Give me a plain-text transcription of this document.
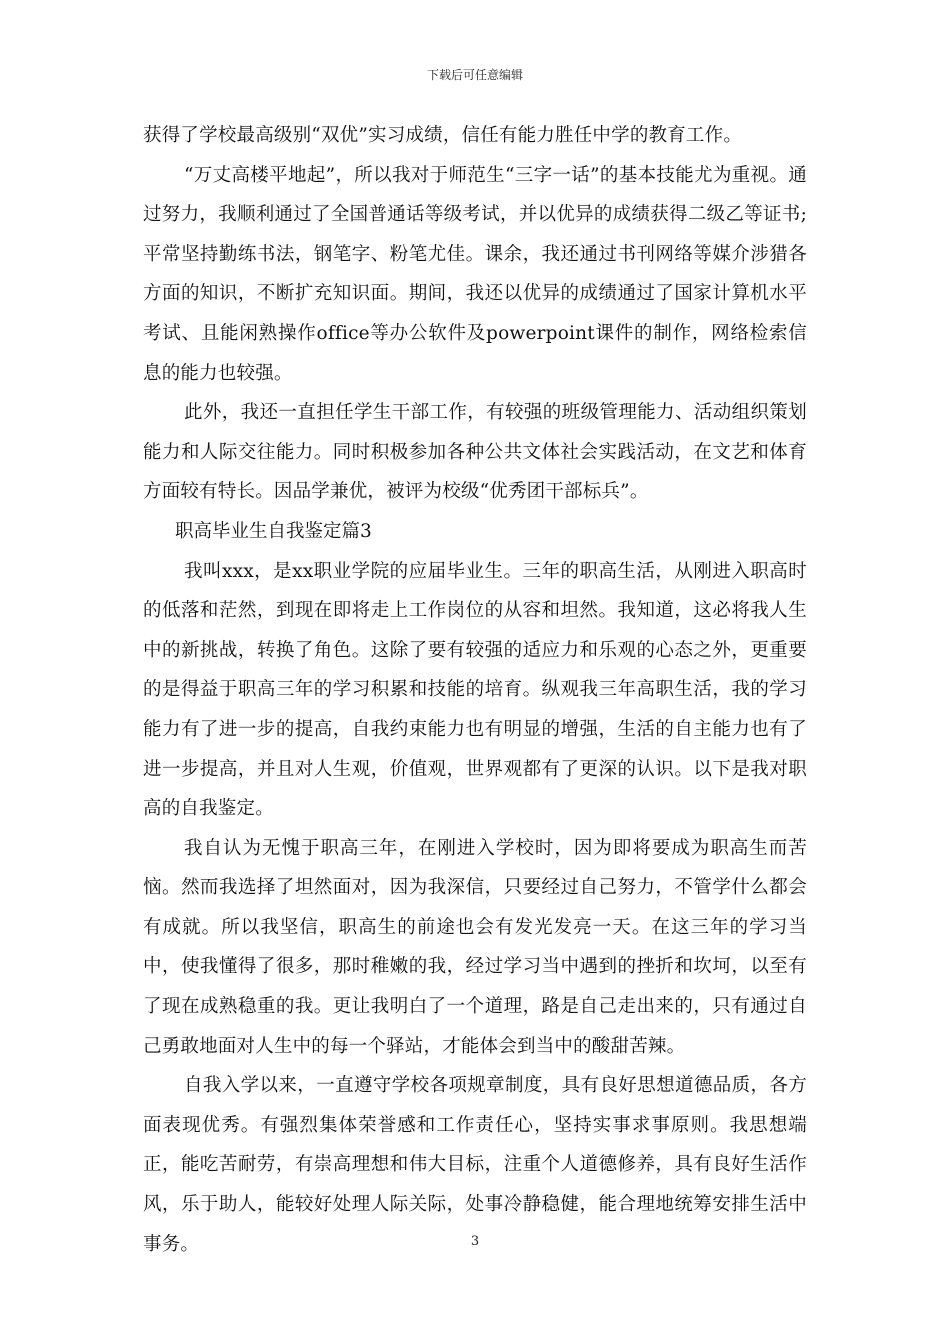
下载后可任意编辑

获得了学校最高级别“双优”实习成绩，信任有能力胜任中学的教育工作。

“万丈高楼平地起”，所以我对于师范生“三字一话”的基本技能尤为重视。通过努力，我顺利通过了全国普通话等级考试，并以优异的成绩获得二级乙等证书;平常坚持勤练书法，钢笔字、粉笔尤佳。课余，我还通过书刊网络等媒介涉猎各方面的知识，不断扩充知识面。期间，我还以优异的成绩通过了国家计算机水平考试、且能闲熟操作office等办公软件及powerpoint课件的制作，网络检索信息的能力也较强。

此外，我还一直担任学生干部工作，有较强的班级管理能力、活动组织策划能力和人际交往能力。同时积极参加各种公共文体社会实践活动，在文艺和体育方面较有特长。因品学兼优，被评为校级“优秀团干部标兵”。

职高毕业生自我鉴定篇3

我叫xxx，是xx职业学院的应届毕业生。三年的职高生活，从刚进入职高时的低落和茫然，到现在即将走上工作岗位的从容和坦然。我知道，这必将我人生中的新挑战，转换了角色。这除了要有较强的适应力和乐观的心态之外，更重要的是得益于职高三年的学习积累和技能的培育。纵观我三年高职生活，我的学习能力有了进一步的提高，自我约束能力也有明显的增强，生活的自主能力也有了进一步提高，并且对人生观，价值观，世界观都有了更深的认识。以下是我对职高的自我鉴定。

我自认为无愧于职高三年，在刚进入学校时，因为即将要成为职高生而苦恼。然而我选择了坦然面对，因为我深信，只要经过自己努力，不管学什么都会有成就。所以我坚信，职高生的前途也会有发光发亮一天。在这三年的学习当中，使我懂得了很多，那时稚嫩的我，经过学习当中遇到的挫折和坎坷，以至有了现在成熟稳重的我。更让我明白了一个道理，路是自己走出来的，只有通过自己勇敢地面对人生中的每一个驿站，才能体会到当中的酸甜苦辣。

自我入学以来，一直遵守学校各项规章制度，具有良好思想道德品质，各方面表现优秀。有强烈集体荣誉感和工作责任心，坚持实事求事原则。我思想端正，能吃苦耐劳，有崇高理想和伟大目标，注重个人道德修养，具有良好生活作风，乐于助人，能较好处理人际关际，处事冷静稳健，能合理地统筹安排生活中事务。	3
